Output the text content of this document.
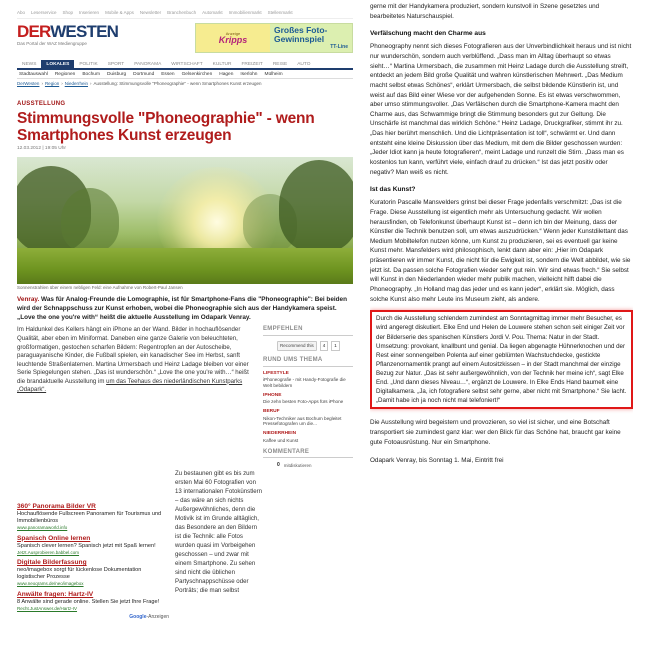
Abo Leserservice Shop Inserieren Mobile & Apps Newsletter Branchenbuch Automarkt Immobilienmarkt Stellenmarkt
DERWESTEN
Das Portal der WAZ Mediengruppe
Anzeige
Kripps
Großes Foto-Gewinnspiel
TT-Line
NEWS	LOKALES	POLITIK	SPORT	PANORAMA	WIRTSCHAFT	KULTUR	FREIZEIT	REISE	AUTO
Stadtauswahl Regionen Bochum Duisburg Dortmund Essen Gelsenkirchen Hagen Iserlohn Mülheim
DerWesten › Region › Niederrhein › Ausstellung: Stimmungsvolle "Phoneographie" - wenn Smartphones Kunst erzeugen
AUSSTELLUNG
Stimmungsvolle "Phoneographie" - wenn Smartphones Kunst erzeugen
12.03.2012 | 19:05 Uhr
Sonnenstrahlen über einem nebligen Feld: eine Aufnahme von Robert-Paul Jansen

Venray. Was für Analog-Freunde die Lomographie, ist für Smartphone-Fans die "Phoneographie": Bei beiden wird der Schnappschuss zur Kunst erhoben, wobei die Phoneographie sich aus der Handykamera speist. „Love the one you're with“ heißt die aktuelle Ausstellung im Odapark Venray.

Im Haldunkel des Kellers hängt ein iPhone an der Wand. Bilder in hochauflösender Qualität, aber eben im Miniformat. Daneben eine ganze Galerie von beleuchteten, großformatigen, gestochen scharfen Bildern: Regentropfen an der Autoscheibe, paraguayanische Kinder, die Fußball spielen, ein kanadischer See im Herbst, sanft leuchtende Straßenlaternen. Martina Urmersbach und Heinz Ladage bleiben vor einer Serie Spiegelungen stehen. „Das ist wunderschön.“ „Love the one you're with…“ heißt die brandaktuelle Ausstellung im um das Teehaus des niederländischen Kunstparks „Odapark“.

EMPFEHLEN
Recommend this	4	1
RUND UMS THEMA
LIFESTYLE
iPhoneografie - mit Handy-Fotografie die Welt bebildern
IPHONE
Die zehn besten Foto-Apps fürs iPhone
BERUF
Nikon-Techniker aus Bochum begleitet Pressefotografen um die...
NIEDERRHEIN
Kaffee und Kunst
KOMMENTARE
0 mitdiskutieren
360° Panorama Bilder VR
Hochauflösende Fullscreen Panoramen für Tourismus und Immobilienbüros
www.panoramaworld.info
Spanisch Online lernen
Spanisch clever lernen? Spanisch jetzt mit Spaß lernen!
Jetzt.Ausprobieren.babbel.com
Digitale Bilderfassung
neo/imagebox sorgt für lückenlose Dokumentation logistischer Prozesse
www.neoqrams.de/neo/imagebox
Anwälte fragen: Hartz-IV
8 Anwälte sind gerade online. Stellen Sie jetzt Ihre Frage!
Recht.JustAnswer.de/Hartz-IV
Google-Anzeigen

Zu bestaunen gibt es bis zum ersten Mai 60 Fotografien von 13 internationalen Fotokünstlern – das wäre an sich nichts Außergewöhnliches, denn die Motivik ist im Grunde alltäglich, das Besondere an den Bildern ist die Technik: alle Fotos wurden quasi im Vorbeigehen geschossen – und zwar mit einem Smartphone. Zu sehen sind nicht die üblichen Partyschnappschüsse oder Porträts; die man selbst

gerne mit der Handykamera produziert, sondern kunstvoll in Szene gesetztes und bearbeitetes Naturschauspiel.

Verfälschung macht den Charme aus

Phoneography nennt sich dieses Fotografieren aus der Unverbindlichkeit heraus und ist nicht nur wunderschön, sondern auch verblüffend. „Dass man im Alltag überhaupt so etwas sieht…“ Martina Urmersbach, die zusammen mit Heinz Ladage durch die Ausstellung streift, entdeckt an jedem Bild große Qualität und wahren künstlerischen Mehrwert. „Das Medium macht selbst etwas Schönes“, erklärt Urmersbach, die selbst bildende Künstlerin ist, und weist auf das Bild einer Wiese vor der aufgehenden Sonne. Es ist etwas verschwommen, aber umso stimmungsvoller. „Das Verfälschen durch die Smartphone-Kamera macht den Charme aus, das Schwammige bringt die Stimmung besonders gut zur Geltung. Die Unschärfe ist manchmal das wirklich Schöne.“ Heinz Ladage, Druckgrafiker, stimmt ihr zu. „Das hier berührt menschlich. Und die Lichtpräsentation ist toll“, schwärmt er. Und dann entsteht eine kleine Diskussion über das Medium, mit dem die Bilder geschossen wurden: „Jeder Idiot kann ja heute fotografieren“, meint Ladage und runzelt die Stirn. „Dass man es kostenlos tun kann, verführt viele, einfach drauf zu drücken.“ Ist das jetzt positiv oder negativ? Man weiß es nicht.

Ist das Kunst?

Kuratorin Pascalle Mansvelders grinst bei dieser Frage jedenfalls verschmitzt: „Das ist die Frage. Diese Ausstellung ist eigentlich mehr als Untersuchung gedacht. Wir wollen herausfinden, ob Telefonkunst überhaupt Kunst ist – denn ich bin der Meinung, dass der Künstler die Technik benutzen soll, um etwas auszudrücken.“ Wenn jeder Kunstdilettant das Medium Mobiltelefon nutzen könne, um Kunst zu produzieren, sei es eventuell gar keine Kunst mehr. Mansfelders wird philosophisch, lenkt dann aber ein: „Hier im Odapark präsentieren wir immer Kunst, die nicht für die Ewigkeit ist, sondern die Welt abbildet, wie sie jetzt ist. Da passen solche Fotografien wieder sehr gut rein. Wir sind etwas frech.“ Sie selbst will Kunst in den Niederlanden wieder mehr publik machen, vielleicht hilft dabei die Phoneography. „In Holland mag das jeder und es kann jeder“, erklärt sie. Möglich, dass solche Kunst also mehr Leute ins Museum zieht, als andere.

Durch die Ausstellung schlendern zumindest am Sonntagmittag immer mehr Besucher, es wird angeregt diskutiert. Elke End und Helen de Louwere stehen schon seit einiger Zeit vor der Bilderserie des spanischen Künstlers Jordi V. Pou. Thema: Natur in der Stadt. Umsetzung: provokant, knallbunt und genial. Da liegen abgenagte Hühnerknochen und der Rest einer sonnengelben Polenta auf einer geblümten Wachstuchdecke, gestickte Pflanzenornamentik prangt auf einem Autositzkissen – in der Stadt manchmal der einzige Bezug zur Natur. „Das ist sehr außergewöhnlich, von der Technik her meine ich“, sagt Elke End. „Und dann dieses Niveau…“, ergänzt de Louwere. In Elke Ends Hand baumelt eine Digitalkamera. „Ja, ich fotografiere selbst sehr gerne, aber nicht mit Smartphone.“ Sie lacht. „Damit habe ich ja noch nicht mal telefoniert!“

Die Ausstellung wird begeistern und provozieren, so viel ist sicher, und eine Botschaft transportiert sie zumindest ganz klar: wer den Blick für das Schöne hat, braucht gar keine gute Fotoausrüstung. Nur ein Smartphone.

Odapark Venray, bis Sonntag 1. Mai, Eintritt frei
